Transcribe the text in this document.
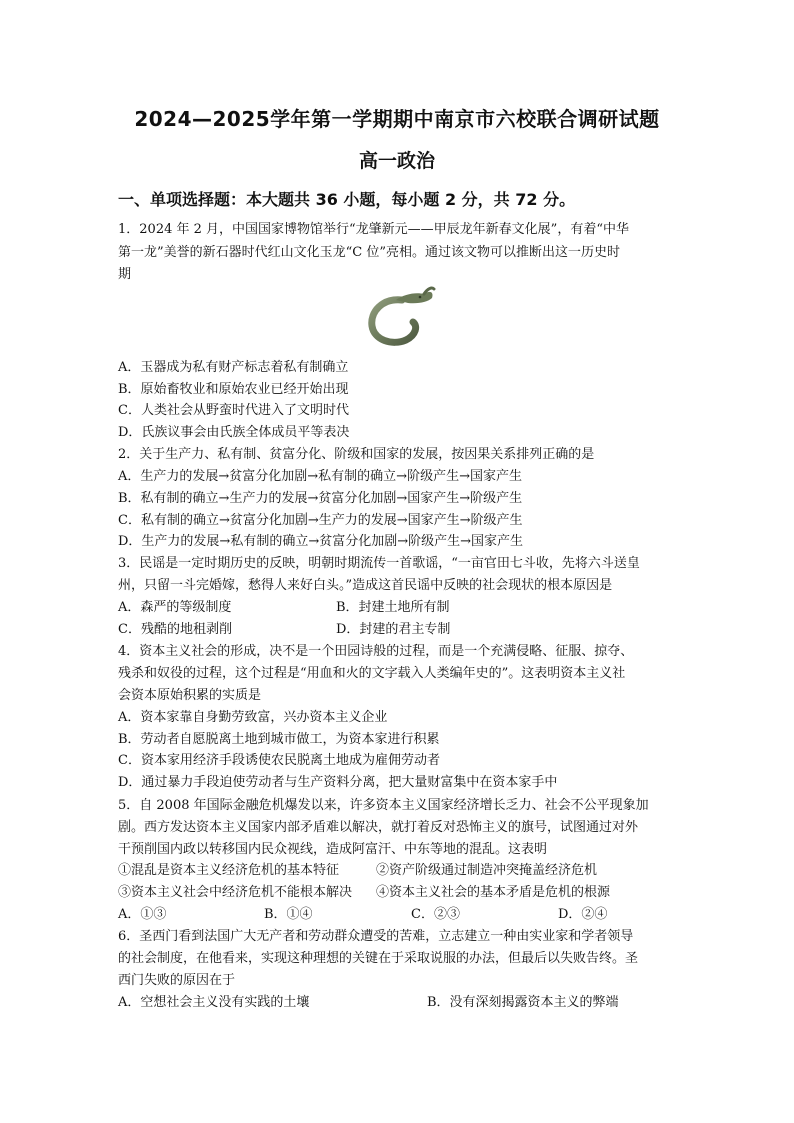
2024—2025学年第一学期期中南京市六校联合调研试题
高一政治
一、单项选择题：本大题共 36 小题，每小题 2 分，共 72 分。
1．2024 年 2 月，中国国家博物馆举行“龙肇新元——甲辰龙年新春文化展”，有着“中华
第一龙”美誉的新石器时代红山文化玉龙“C 位”亮相。通过该文物可以推断出这一历史时
期
A．玉器成为私有财产标志着私有制确立
B．原始畜牧业和原始农业已经开始出现
C．人类社会从野蛮时代进入了文明时代
D．氏族议事会由氏族全体成员平等表决
2．关于生产力、私有制、贫富分化、阶级和国家的发展，按因果关系排列正确的是
A．生产力的发展→贫富分化加剧→私有制的确立→阶级产生→国家产生
B．私有制的确立→生产力的发展→贫富分化加剧→国家产生→阶级产生
C．私有制的确立→贫富分化加剧→生产力的发展→国家产生→阶级产生
D．生产力的发展→私有制的确立→贫富分化加剧→阶级产生→国家产生
3．民谣是一定时期历史的反映，明朝时期流传一首歌谣，“一亩官田七斗收，先将六斗送皇
州，只留一斗完婚嫁，愁得人来好白头。”造成这首民谣中反映的社会现状的根本原因是
A．森严的等级制度	B．封建土地所有制
C．残酷的地租剥削	D．封建的君主专制
4．资本主义社会的形成，决不是一个田园诗般的过程，而是一个充满侵略、征服、掠夺、
残杀和奴役的过程，这个过程是“用血和火的文字载入人类编年史的”。这表明资本主义社
会资本原始积累的实质是
A．资本家靠自身勤劳致富，兴办资本主义企业
B．劳动者自愿脱离土地到城市做工，为资本家进行积累
C．资本家用经济手段诱使农民脱离土地成为雇佣劳动者
D．通过暴力手段迫使劳动者与生产资料分离，把大量财富集中在资本家手中
5．自 2008 年国际金融危机爆发以来，许多资本主义国家经济增长乏力、社会不公平现象加
剧。西方发达资本主义国家内部矛盾难以解决，就打着反对恐怖主义的旗号，试图通过对外
干预削国内政以转移国内民众视线，造成阿富汗、中东等地的混乱。这表明
①混乱是资本主义经济危机的基本特征	②资产阶级通过制造冲突掩盖经济危机
③资本主义社会中经济危机不能根本解决 ④资本主义社会的基本矛盾是危机的根源
A．①③	B．①④	C．②③	D．②④
6．圣西门看到法国广大无产者和劳动群众遭受的苦难，立志建立一种由实业家和学者领导
的社会制度，在他看来，实现这种理想的关键在于采取说服的办法，但最后以失败告终。圣
西门失败的原因在于
A．空想社会主义没有实践的土壤	B．没有深刻揭露资本主义的弊端
